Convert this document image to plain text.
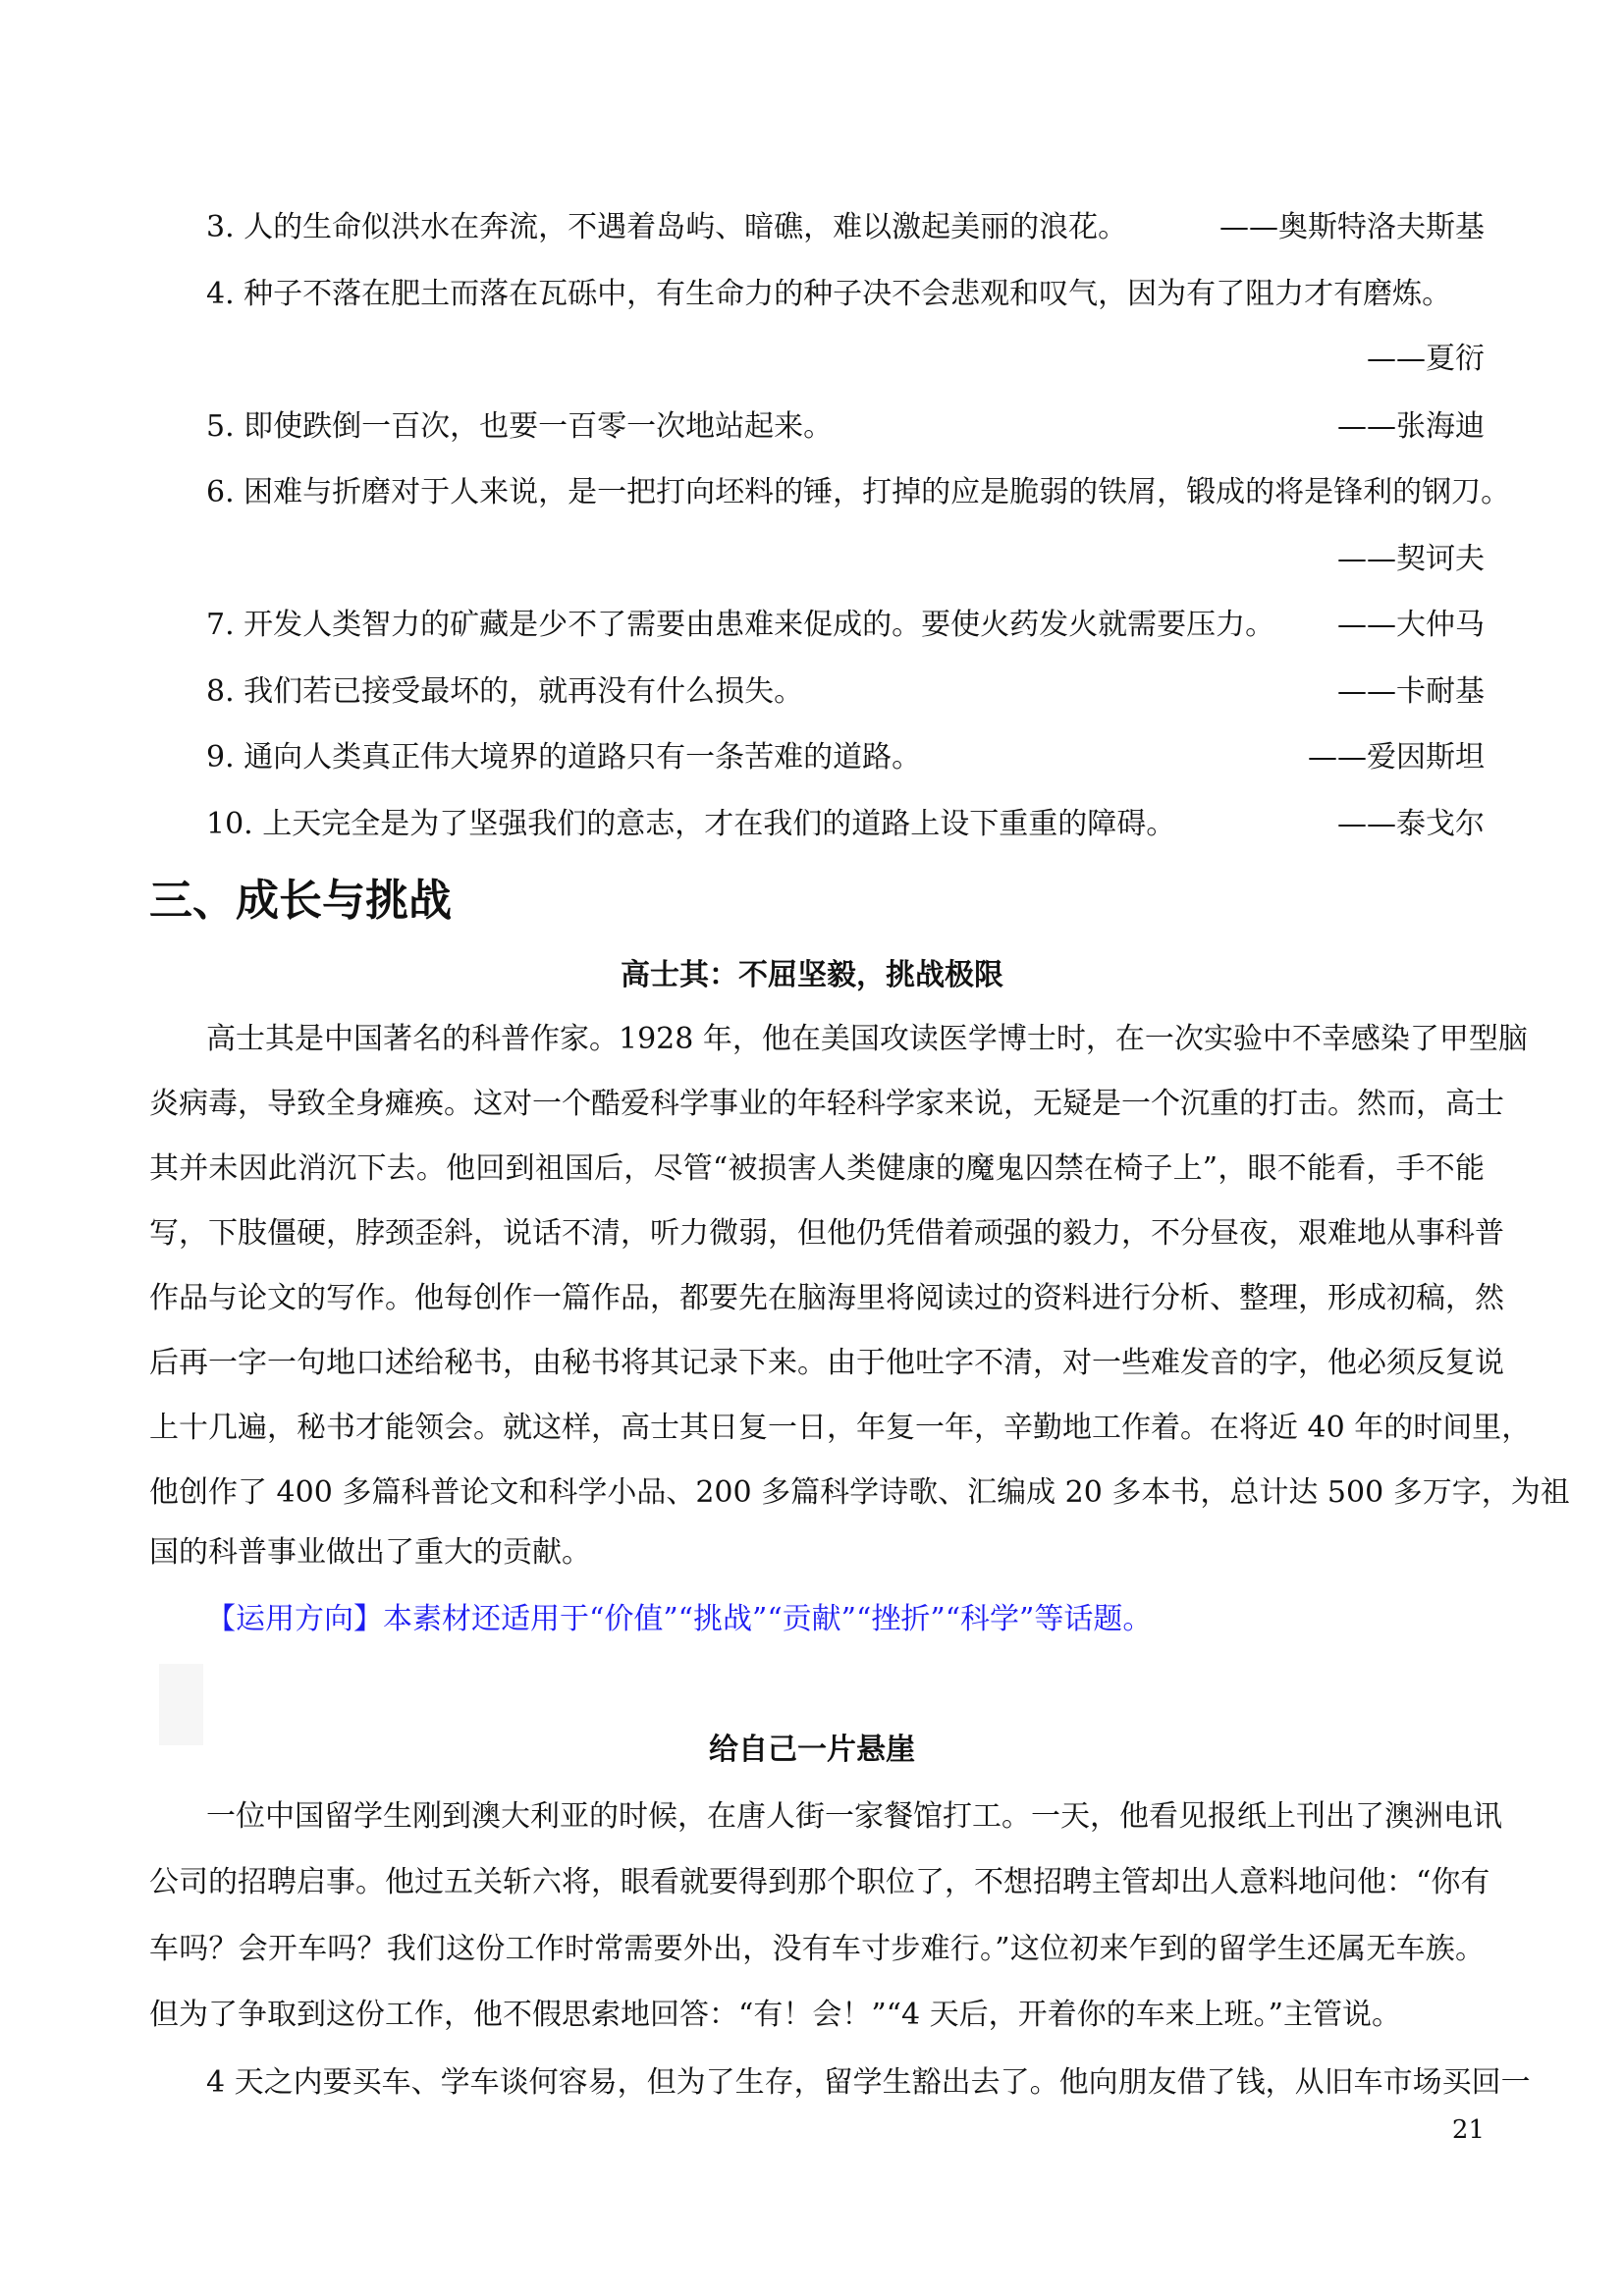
3. 人的生命似洪水在奔流，不遇着岛屿、暗礁，难以激起美丽的浪花。	——奥斯特洛夫斯基
4. 种子不落在肥土而落在瓦砾中，有生命力的种子决不会悲观和叹气，因为有了阻力才有磨炼。
——夏衍
5. 即使跌倒一百次，也要一百零一次地站起来。	——张海迪
6. 困难与折磨对于人来说，是一把打向坯料的锤，打掉的应是脆弱的铁屑，锻成的将是锋利的钢刀。
——契诃夫
7. 开发人类智力的矿藏是少不了需要由患难来促成的。要使火药发火就需要压力。 ——大仲马
8. 我们若已接受最坏的，就再没有什么损失。	——卡耐基
9. 通向人类真正伟大境界的道路只有一条苦难的道路。	——爱因斯坦
10. 上天完全是为了坚强我们的意志，才在我们的道路上设下重重的障碍。	——泰戈尔
三、成长与挑战
高士其：不屈坚毅，挑战极限
高士其是中国著名的科普作家。1928 年，他在美国攻读医学博士时，在一次实验中不幸感染了甲型脑
炎病毒，导致全身瘫痪。这对一个酷爱科学事业的年轻科学家来说，无疑是一个沉重的打击。然而，高士
其并未因此消沉下去。他回到祖国后，尽管“被损害人类健康的魔鬼囚禁在椅子上”，眼不能看，手不能
写，下肢僵硬，脖颈歪斜，说话不清，听力微弱，但他仍凭借着顽强的毅力，不分昼夜，艰难地从事科普
作品与论文的写作。他每创作一篇作品，都要先在脑海里将阅读过的资料进行分析、整理，形成初稿，然
后再一字一句地口述给秘书，由秘书将其记录下来。由于他吐字不清，对一些难发音的字，他必须反复说
上十几遍，秘书才能领会。就这样，高士其日复一日，年复一年，辛勤地工作着。在将近 40 年的时间里，
他创作了 400 多篇科普论文和科学小品、200 多篇科学诗歌、汇编成 20 多本书，总计达 500 多万字，为祖
国的科普事业做出了重大的贡献。
【运用方向】本素材还适用于“价值”“挑战”“贡献”“挫折”“科学”等话题。
给自己一片悬崖
一位中国留学生刚到澳大利亚的时候，在唐人街一家餐馆打工。一天，他看见报纸上刊出了澳洲电讯
公司的招聘启事。他过五关斩六将，眼看就要得到那个职位了，不想招聘主管却出人意料地问他：“你有
车吗？会开车吗？我们这份工作时常需要外出，没有车寸步难行。”这位初来乍到的留学生还属无车族。
但为了争取到这份工作，他不假思索地回答：“有！会！”“4 天后，开着你的车来上班。”主管说。
4 天之内要买车、学车谈何容易，但为了生存，留学生豁出去了。他向朋友借了钱，从旧车市场买回一
21
